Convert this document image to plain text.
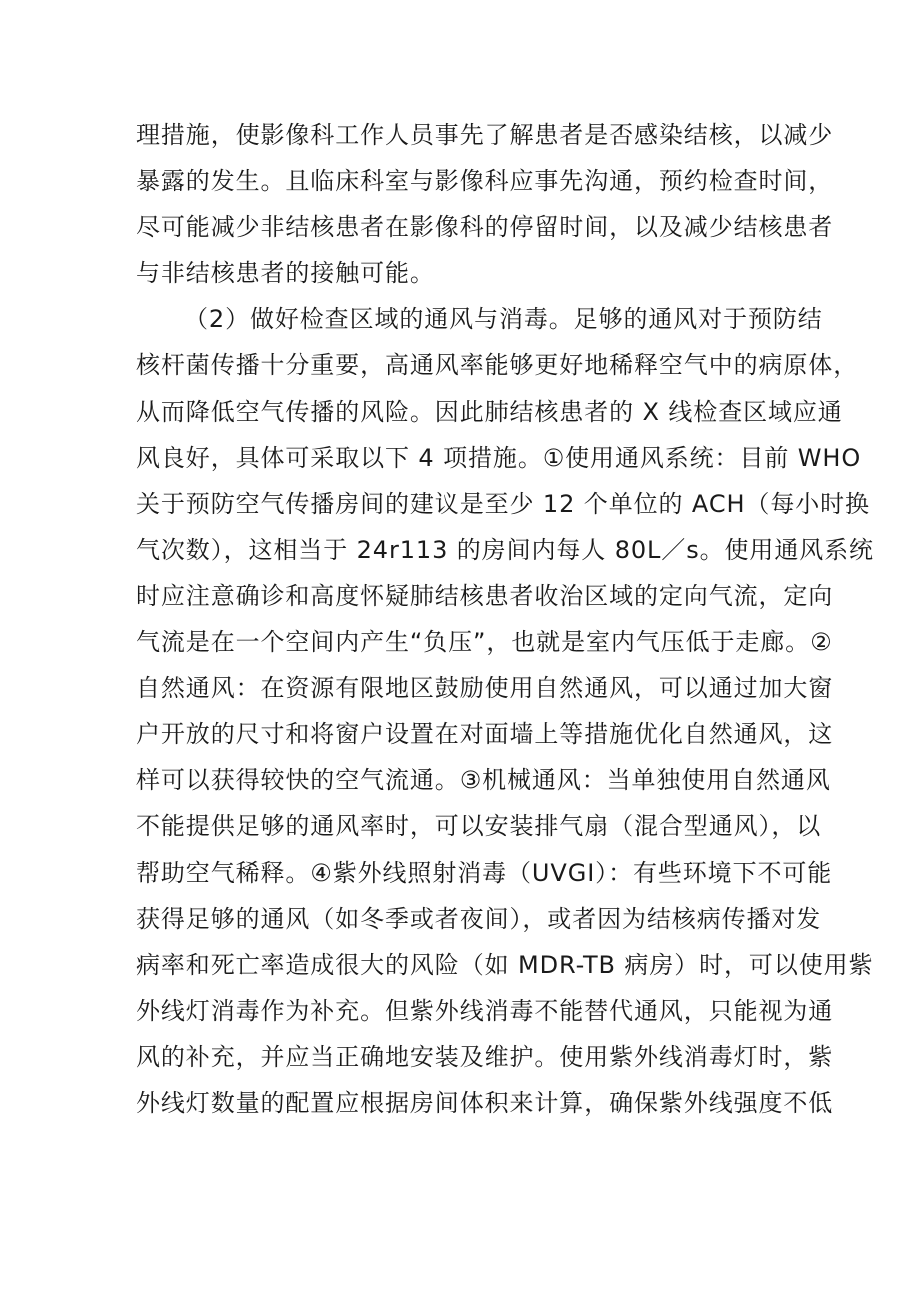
理措施，使影像科工作人员事先了解患者是否感染结核，以减少
暴露的发生。且临床科室与影像科应事先沟通，预约检查时间，
尽可能减少非结核患者在影像科的停留时间，以及减少结核患者
与非结核患者的接触可能。
（2）做好检查区域的通风与消毒。足够的通风对于预防结
核杆菌传播十分重要，高通风率能够更好地稀释空气中的病原体，
从而降低空气传播的风险。因此肺结核患者的 X 线检查区域应通
风良好，具体可采取以下 4 项措施。①使用通风系统：目前 WHO
关于预防空气传播房间的建议是至少 12 个单位的 ACH（每小时换
气次数），这相当于 24r113 的房间内每人 80L／s。使用通风系统
时应注意确诊和高度怀疑肺结核患者收治区域的定向气流，定向
气流是在一个空间内产生“负压”，也就是室内气压低于走廊。②
自然通风：在资源有限地区鼓励使用自然通风，可以通过加大窗
户开放的尺寸和将窗户设置在对面墙上等措施优化自然通风，这
样可以获得较快的空气流通。③机械通风：当单独使用自然通风
不能提供足够的通风率时，可以安装排气扇（混合型通风），以
帮助空气稀释。④紫外线照射消毒（UVGI）：有些环境下不可能
获得足够的通风（如冬季或者夜间），或者因为结核病传播对发
病率和死亡率造成很大的风险（如 MDR-TB 病房）时，可以使用紫
外线灯消毒作为补充。但紫外线消毒不能替代通风，只能视为通
风的补充，并应当正确地安装及维护。使用紫外线消毒灯时，紫
外线灯数量的配置应根据房间体积来计算，确保紫外线强度不低
